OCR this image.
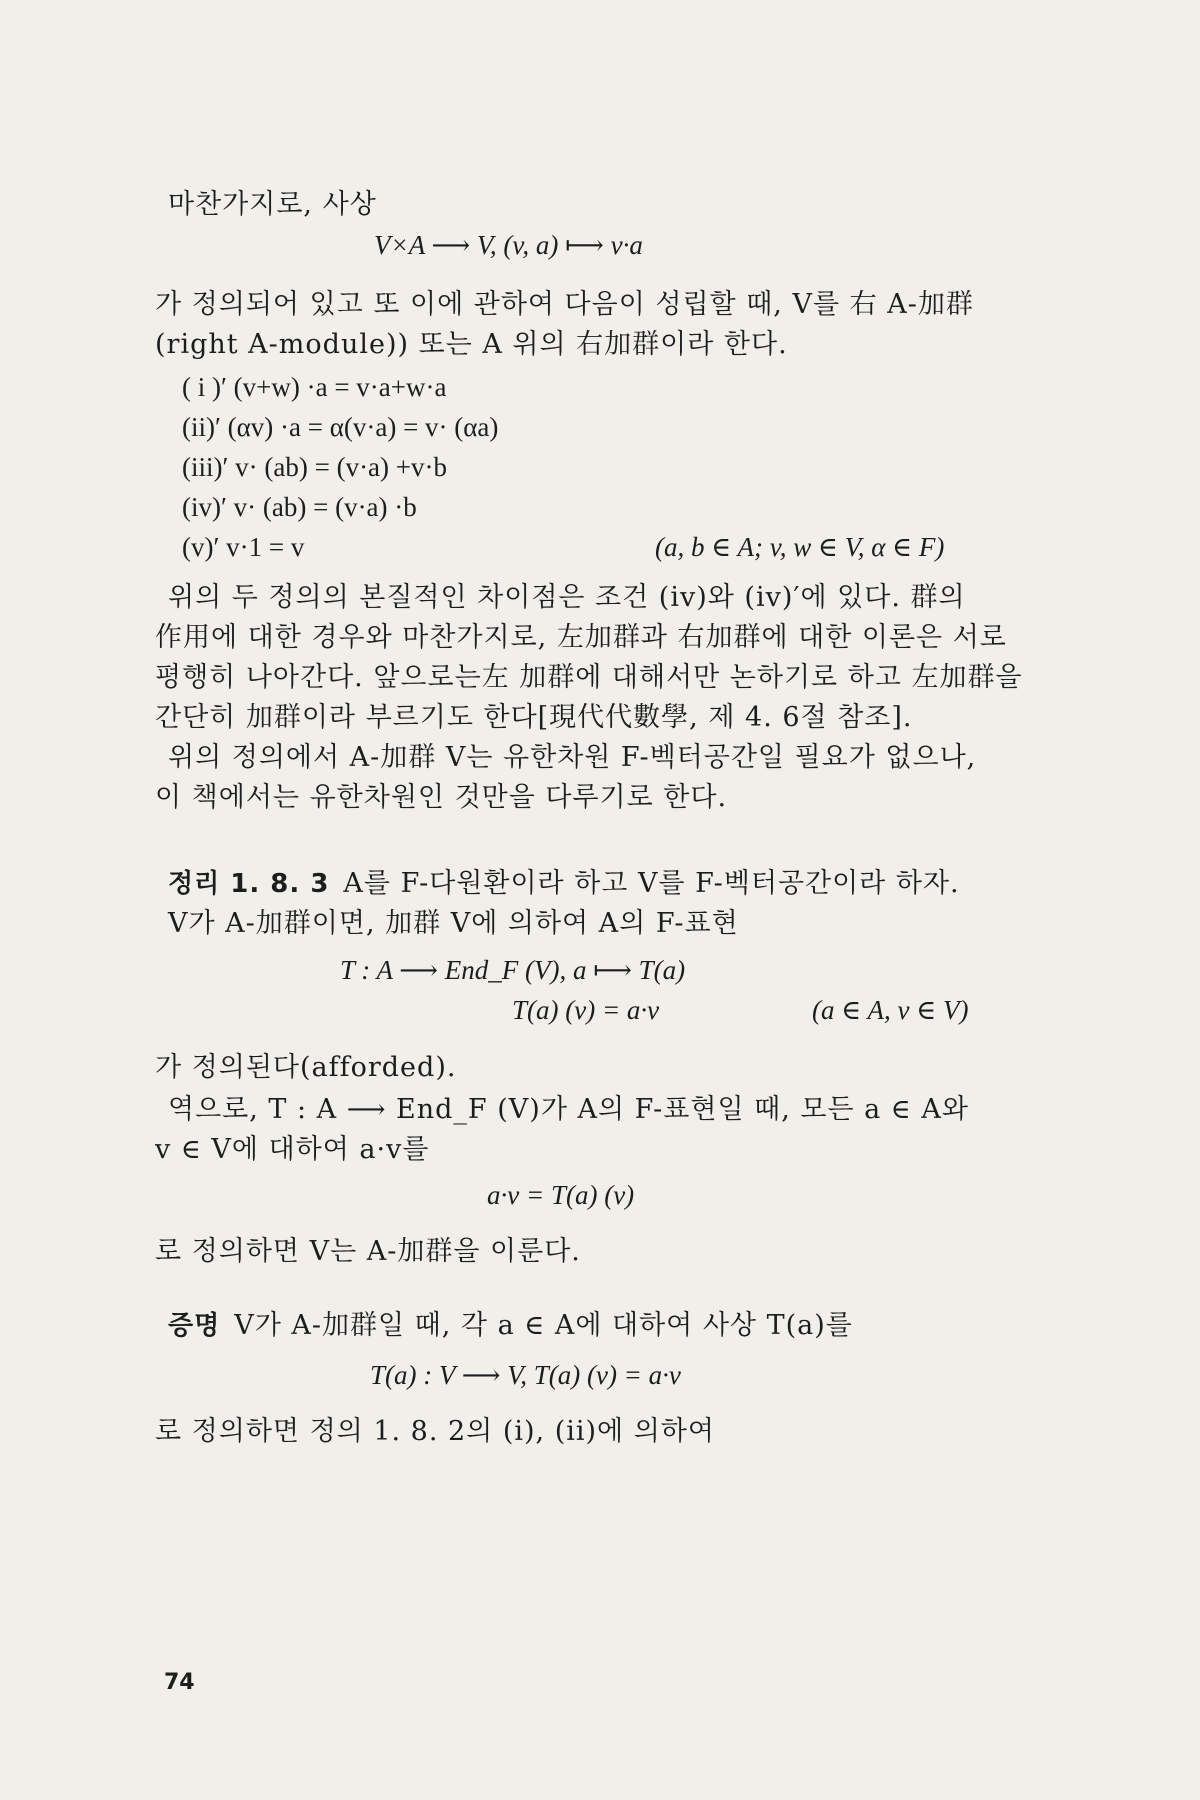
마찬가지로, 사상

V×A ⟶ V, (v, a) ⟼ v·a

가 정의되어 있고 또 이에 관하여 다음이 성립할 때, V를 右 A-加群

(right A-module)) 또는 A 위의 右加群이라 한다.

( i )′ (v+w) ·a = v·a+w·a
(ii)′ (αv) ·a = α(v·a) = v· (αa)
(iii)′ v· (ab) = (v·a) +v·b
(iv)′ v· (ab) = (v·a) ·b
(v)′ v·1 = v	(a, b ∈ A; v, w ∈ V, α ∈ F)

위의 두 정의의 본질적인 차이점은 조건 (iv)와 (iv)′에 있다. 群의

作用에 대한 경우와 마찬가지로, 左加群과 右加群에 대한 이론은 서로

평행히 나아간다. 앞으로는左 加群에 대해서만 논하기로 하고 左加群을

간단히 加群이라 부르기도 한다[現代代數學, 제 4. 6절 참조].

위의 정의에서 A-加群 V는 유한차원 F-벡터공간일 필요가 없으나,

이 책에서는 유한차원인 것만을 다루기로 한다.

정리 1. 8. 3 A를 F-다원환이라 하고 V를 F-벡터공간이라 하자.

V가 A-加群이면, 加群 V에 의하여 A의 F-표현

T : A ⟶ End_F (V), a ⟼ T(a)
T(a) (v) = a·v	(a ∈ A, v ∈ V)

가 정의된다(afforded).

역으로, T : A ⟶ End_F (V)가 A의 F-표현일 때, 모든 a ∈ A와

v ∈ V에 대하여 a·v를

a·v = T(a) (v)

로 정의하면 V는 A-加群을 이룬다.

증명 V가 A-加群일 때, 각 a ∈ A에 대하여 사상 T(a)를

T(a) : V ⟶ V, T(a) (v) = a·v

로 정의하면 정의 1. 8. 2의 (i), (ii)에 의하여

74
